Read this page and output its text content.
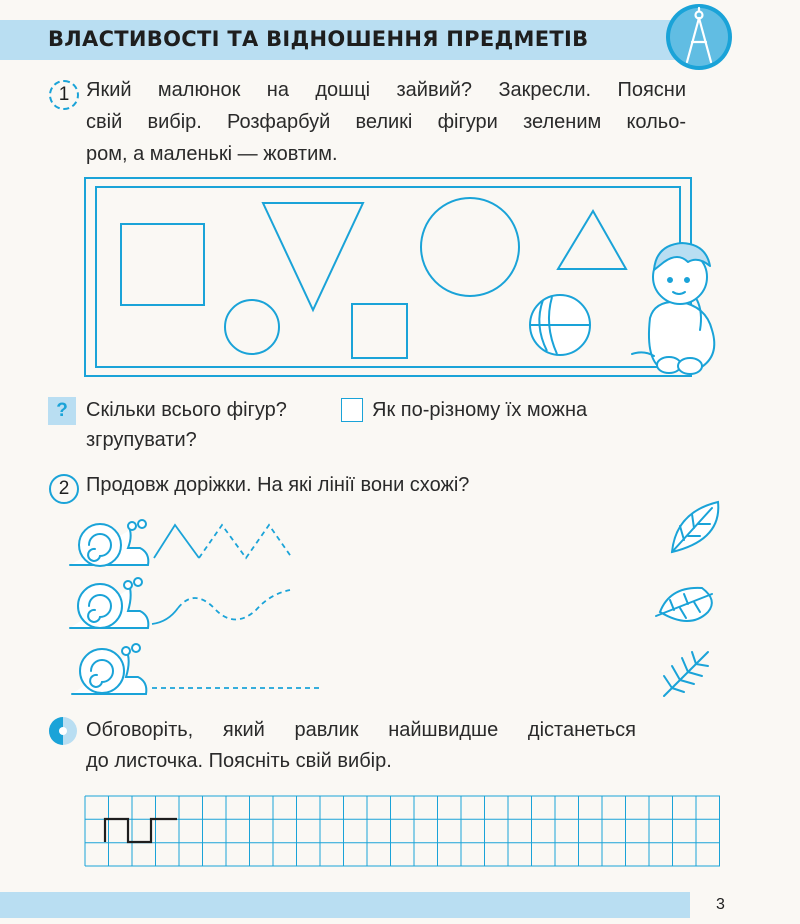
ВЛАСТИВОСТІ ТА ВІДНОШЕННЯ ПРЕДМЕТІВ
1 Який малюнок на дошці зайвий? Закресли. Поясни
свій вибір. Розфарбуй великі фігури зеленим кольо-
ром, а маленькі — жовтим.
? Скільки всього фігур?	Як по-різному їх можна
згрупувати?
2 Продовж доріжки. На які лінії вони схожі?
Обговоріть, який равлик найшвидше дістанеться
до листочка. Поясніть свій вибір.
3
